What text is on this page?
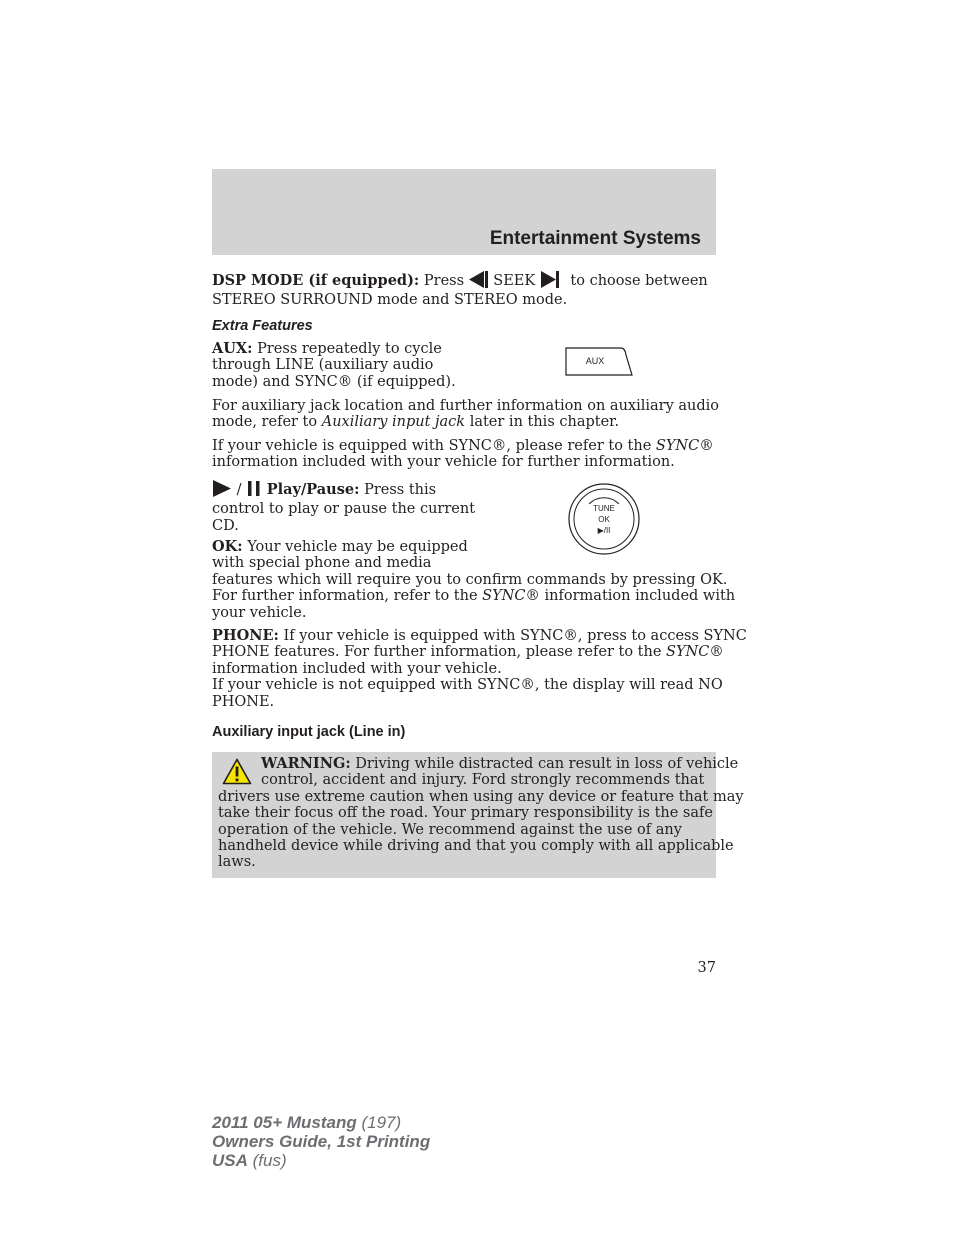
Entertainment Systems
DSP MODE (if equipped): Press SEEK to choose between
STEREO SURROUND mode and STEREO mode.
Extra Features
AUX: Press repeatedly to cycle
through LINE (auxiliary audio
mode) and SYNC® (if equipped).
AUX
For auxiliary jack location and further information on auxiliary audio
mode, refer to Auxiliary input jack later in this chapter.
If your vehicle is equipped with SYNC®, please refer to the SYNC®
information included with your vehicle for further information.
/ Play/Pause: Press this
control to play or pause the current
CD.
TUNE
OK
▶/II
OK: Your vehicle may be equipped
with special phone and media
features which will require you to confirm commands by pressing OK.
For further information, refer to the SYNC® information included with
your vehicle.
PHONE: If your vehicle is equipped with SYNC®, press to access SYNC
PHONE features. For further information, please refer to the SYNC®
information included with your vehicle.
If your vehicle is not equipped with SYNC®, the display will read NO
PHONE.
Auxiliary input jack (Line in)
WARNING: Driving while distracted can result in loss of vehicle
control, accident and injury. Ford strongly recommends that
drivers use extreme caution when using any device or feature that may
take their focus off the road. Your primary responsibility is the safe
operation of the vehicle. We recommend against the use of any
handheld device while driving and that you comply with all applicable
laws.
37
2011 05+ Mustang (197)
Owners Guide, 1st Printing
USA (fus)
